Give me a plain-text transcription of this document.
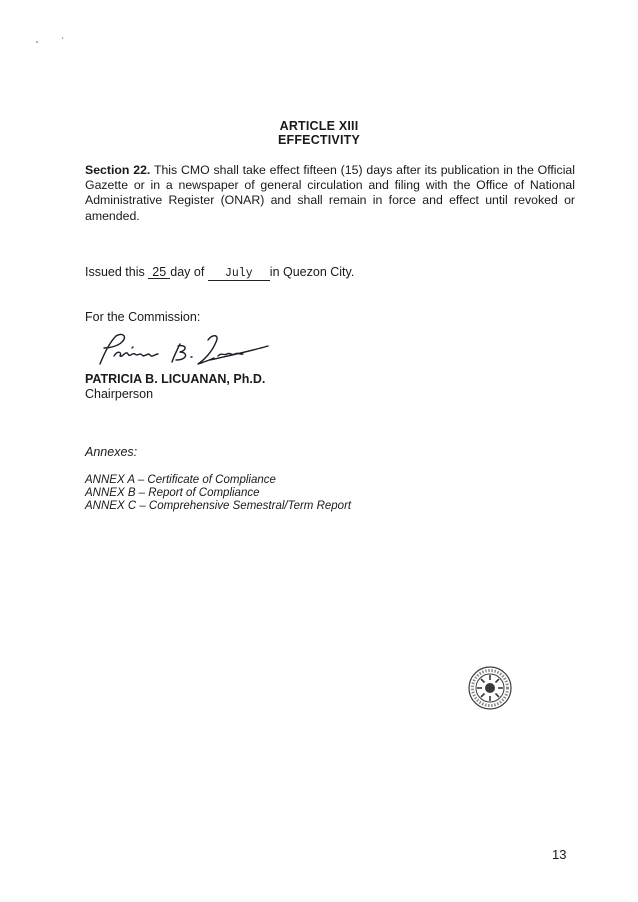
ARTICLE XIII
EFFECTIVITY
Section 22. This CMO shall take effect fifteen (15) days after its publication in the Official Gazette or in a newspaper of general circulation and filing with the Office of National Administrative Register (ONAR) and shall remain in force and effect until revoked or amended.
Issued this 25 day of July in Quezon City.
For the Commission:
PATRICIA B. LICUANAN, Ph.D.
Chairperson
Annexes:
ANNEX A – Certificate of Compliance
ANNEX B – Report of Compliance
ANNEX C – Comprehensive Semestral/Term Report
13
